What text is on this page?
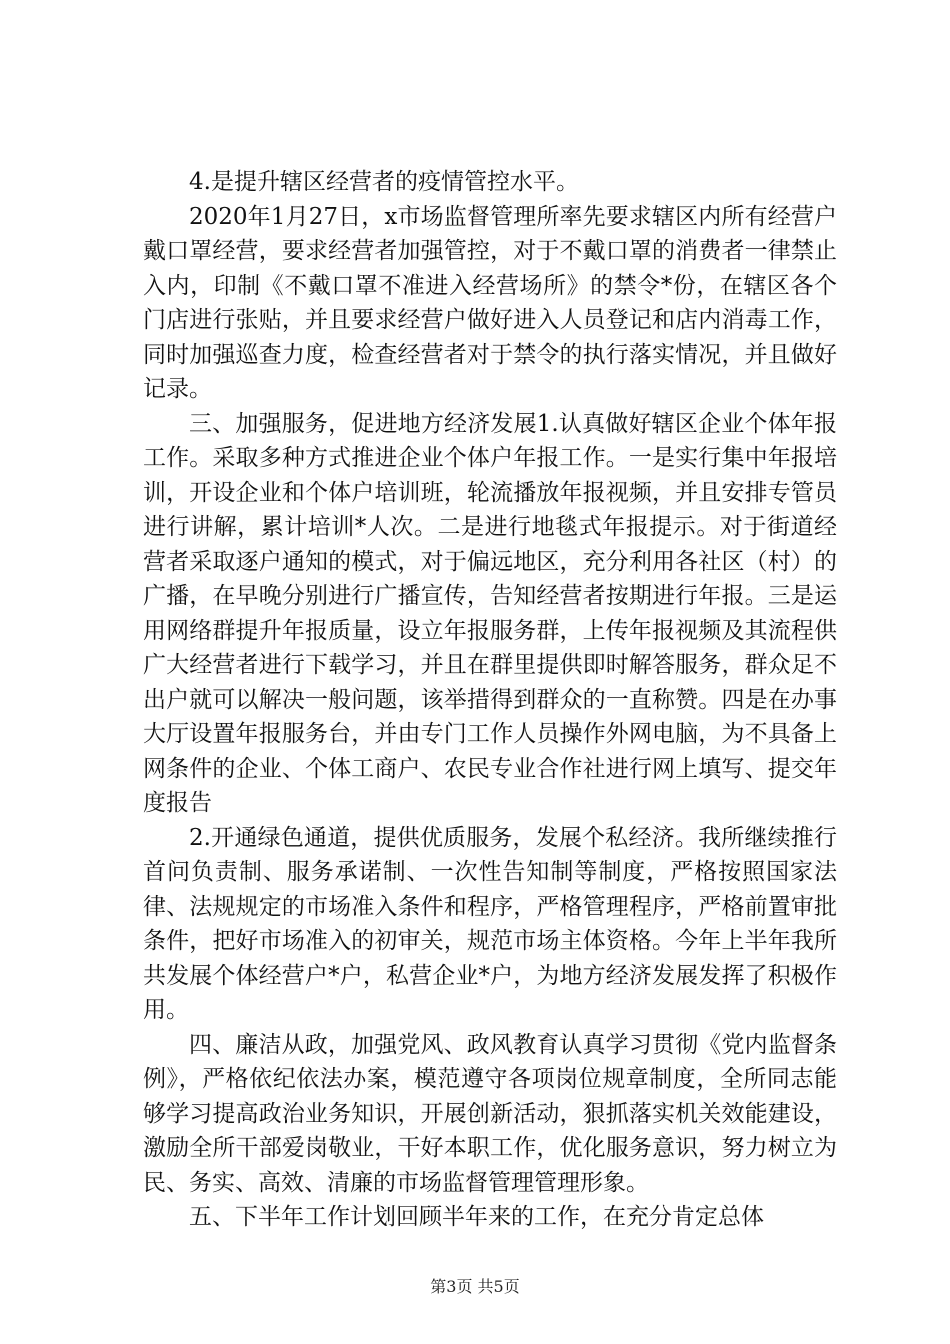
4.是提升辖区经营者的疫情管控水平。

2020年1月27日，x市场监督管理所率先要求辖区内所有经营户戴口罩经营，要求经营者加强管控，对于不戴口罩的消费者一律禁止入内，印制《不戴口罩不准进入经营场所》的禁令*份，在辖区各个门店进行张贴，并且要求经营户做好进入人员登记和店内消毒工作，同时加强巡查力度，检查经营者对于禁令的执行落实情况，并且做好记录。

三、加强服务，促进地方经济发展1.认真做好辖区企业个体年报工作。采取多种方式推进企业个体户年报工作。一是实行集中年报培训，开设企业和个体户培训班，轮流播放年报视频，并且安排专管员进行讲解，累计培训*人次。二是进行地毯式年报提示。对于街道经营者采取逐户通知的模式，对于偏远地区，充分利用各社区（村）的广播，在早晚分别进行广播宣传，告知经营者按期进行年报。三是运用网络群提升年报质量，设立年报服务群，上传年报视频及其流程供广大经营者进行下载学习，并且在群里提供即时解答服务，群众足不出户就可以解决一般问题，该举措得到群众的一直称赞。四是在办事大厅设置年报服务台，并由专门工作人员操作外网电脑，为不具备上网条件的企业、个体工商户、农民专业合作社进行网上填写、提交年度报告

2.开通绿色通道，提供优质服务，发展个私经济。我所继续推行首问负责制、服务承诺制、一次性告知制等制度，严格按照国家法律、法规规定的市场准入条件和程序，严格管理程序，严格前置审批条件，把好市场准入的初审关，规范市场主体资格。今年上半年我所共发展个体经营户*户，私营企业*户，为地方经济发展发挥了积极作用。

四、廉洁从政，加强党风、政风教育认真学习贯彻《党内监督条例》，严格依纪依法办案，模范遵守各项岗位规章制度，全所同志能够学习提高政治业务知识，开展创新活动，狠抓落实机关效能建设，激励全所干部爱岗敬业，干好本职工作，优化服务意识，努力树立为民、务实、高效、清廉的市场监督管理管理形象。

五、下半年工作计划回顾半年来的工作，在充分肯定总体

第3页 共5页
